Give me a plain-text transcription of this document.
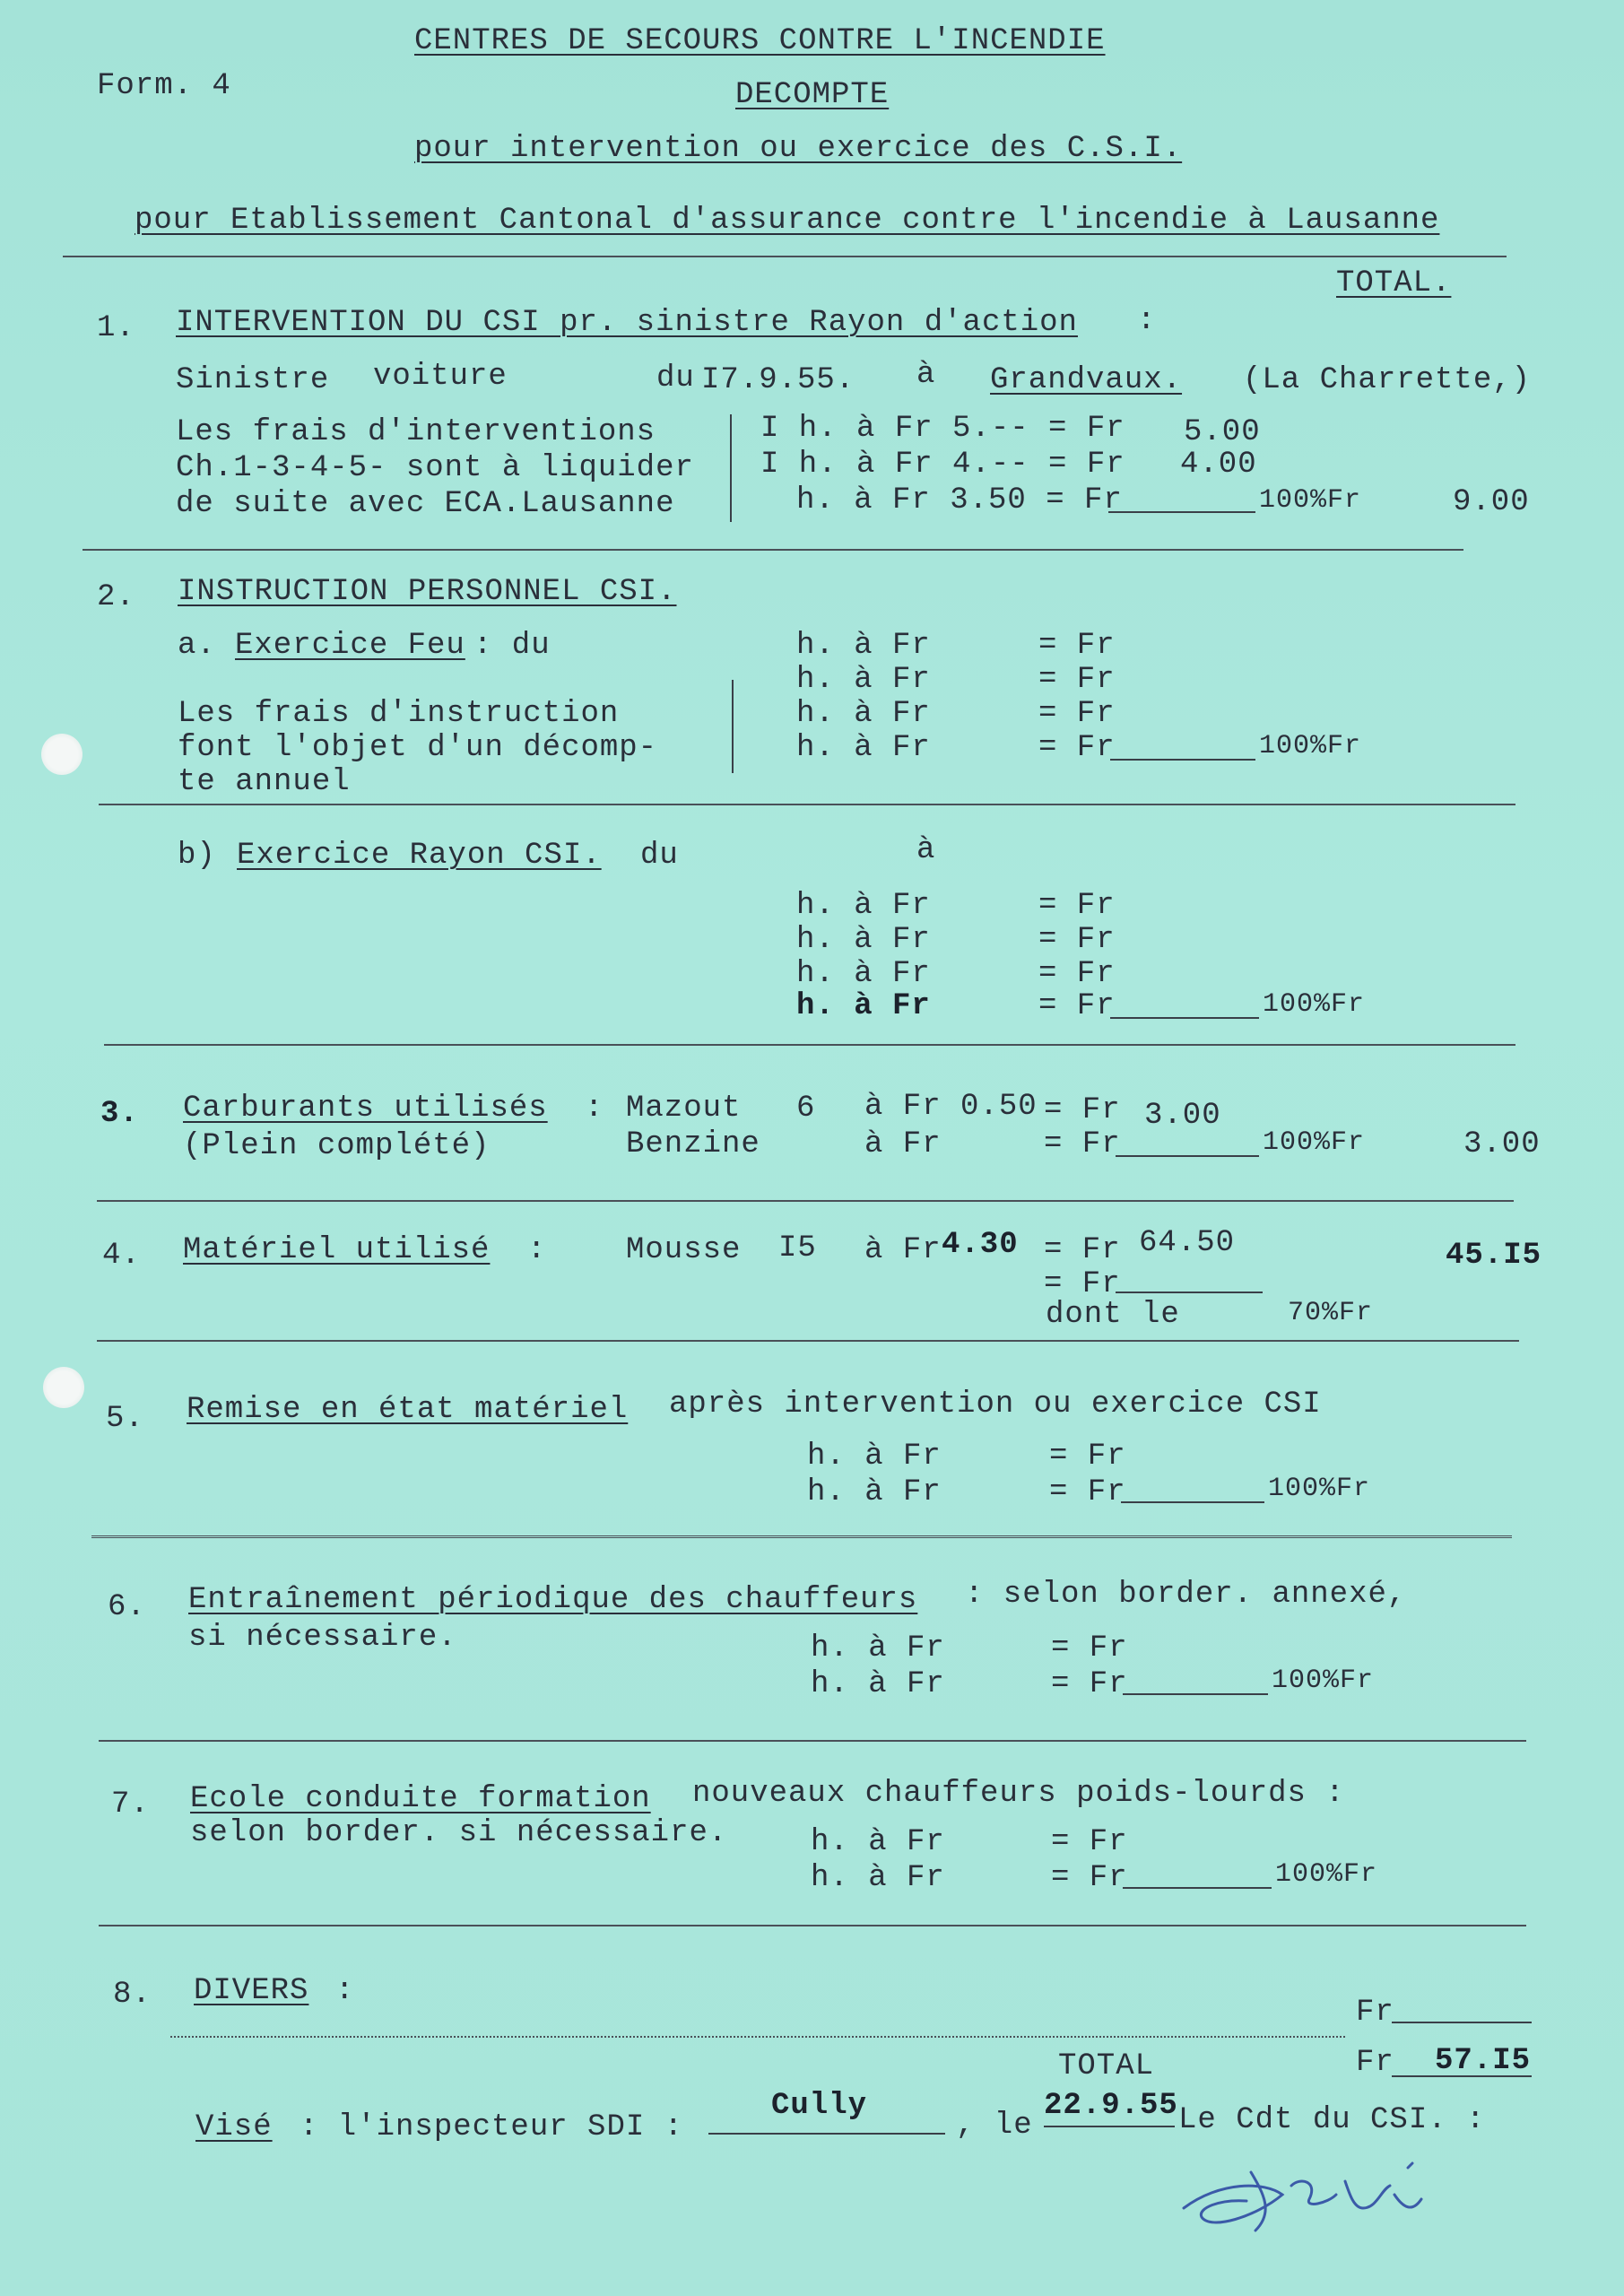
CENTRES DE SECOURS CONTRE L'INCENDIE
Form. 4	DECOMPTE
pour intervention ou exercice des C.S.I.
pour Etablissement Cantonal d'assurance contre l'incendie à Lausanne
TOTAL.
1. INTERVENTION DU CSI pr. sinistre Rayon d'action :
Sinistre voiture	du I7.9.55. à Grandvaux. (La Charrette,)
Les frais d'interventions
Ch.1-3-4-5- sont à liquider
de suite avec ECA.Lausanne
I h. à Fr 5.-- = Fr 5.00
I h. à Fr 4.-- = Fr 4.00
h. à Fr 3.50 = Fr	100%Fr	9.00
2. INSTRUCTION PERSONNEL CSI.
a. Exercice Feu : du	h. à Fr	= Fr
h. à Fr	= Fr
h. à Fr	= Fr
h. à Fr	= Fr	100%Fr
Les frais d'instruction
font l'objet d'un décomp-
te annuel
b) Exercice Rayon CSI. du	à
h. à Fr	= Fr
h. à Fr	= Fr
h. à Fr	= Fr
h. à Fr	= Fr	100%Fr
3. Carburants utilisés :
(Plein complété)
Mazout 6 à Fr 0.50 = Fr 3.00
Benzine	à Fr	= Fr	100%Fr	3.00
4. Matériel utilisé :	Mousse I5 à Fr 4.30 = Fr 64.50	45.I5
= Fr
dont le	70%Fr
5. Remise en état matériel après intervention ou exercice CSI
h. à Fr	= Fr
h. à Fr	= Fr	100%Fr
6. Entraînement périodique des chauffeurs : selon border. annexé,
si nécessaire.	h. à Fr	= Fr
h. à Fr	= Fr	100%Fr
7. Ecole conduite formation nouveaux chauffeurs poids-lourds :
selon border. si nécessaire.	h. à Fr	= Fr
h. à Fr	= Fr	100%Fr
8. DIVERS :
Fr
TOTAL	Fr 57.I5
Visé : l'inspecteur SDI :
Cully
, le
22.9.55 Le Cdt du CSI. :
